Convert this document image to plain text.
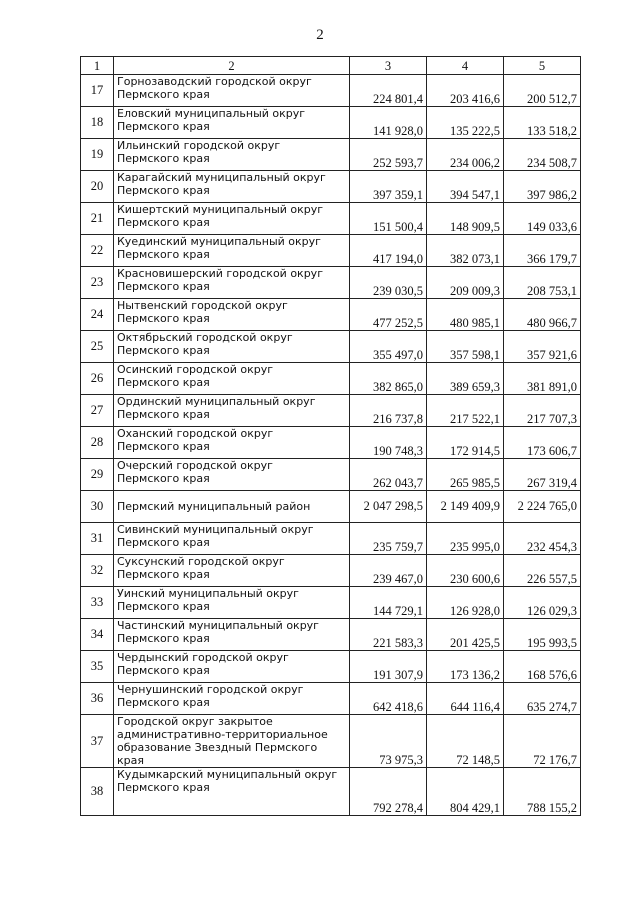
2
1	2	3	4	5
17	Горнозаводский городской округ
Пермского края	224 801,4	203 416,6	200 512,7
18	Еловский муниципальный округ
Пермского края	141 928,0	135 222,5	133 518,2
19	Ильинский городской округ
Пермского края	252 593,7	234 006,2	234 508,7
20	Карагайский муниципальный округ
Пермского края	397 359,1	394 547,1	397 986,2
21	Кишертский муниципальный округ
Пермского края	151 500,4	148 909,5	149 033,6
22	Куединский муниципальный округ
Пермского края	417 194,0	382 073,1	366 179,7
23	Красновишерский городской округ
Пермского края	239 030,5	209 009,3	208 753,1
24	Нытвенский городской округ
Пермского края	477 252,5	480 985,1	480 966,7
25	Октябрьский городской округ
Пермского края	355 497,0	357 598,1	357 921,6
26	Осинский городской округ
Пермского края	382 865,0	389 659,3	381 891,0
27	Ординский муниципальный округ
Пермского края	216 737,8	217 522,1	217 707,3
28	Оханский городской округ
Пермского края	190 748,3	172 914,5	173 606,7
29	Очерский городской округ
Пермского края	262 043,7	265 985,5	267 319,4
30	Пермский муниципальный район	2 047 298,5	2 149 409,9	2 224 765,0
31	Сивинский муниципальный округ
Пермского края	235 759,7	235 995,0	232 454,3
32	Суксунский городской округ
Пермского края	239 467,0	230 600,6	226 557,5
33	Уинский муниципальный округ
Пермского края	144 729,1	126 928,0	126 029,3
34	Частинский муниципальный округ
Пермского края	221 583,3	201 425,5	195 993,5
35	Чердынский городской округ
Пермского края	191 307,9	173 136,2	168 576,6
36	Чернушинский городской округ
Пермского края	642 418,6	644 116,4	635 274,7
37	Городской округ закрытое
административно-территориальное
образование Звездный Пермского края	73 975,3	72 148,5	72 176,7
38	Кудымкарский муниципальный округ
Пермского края	792 278,4	804 429,1	788 155,2
